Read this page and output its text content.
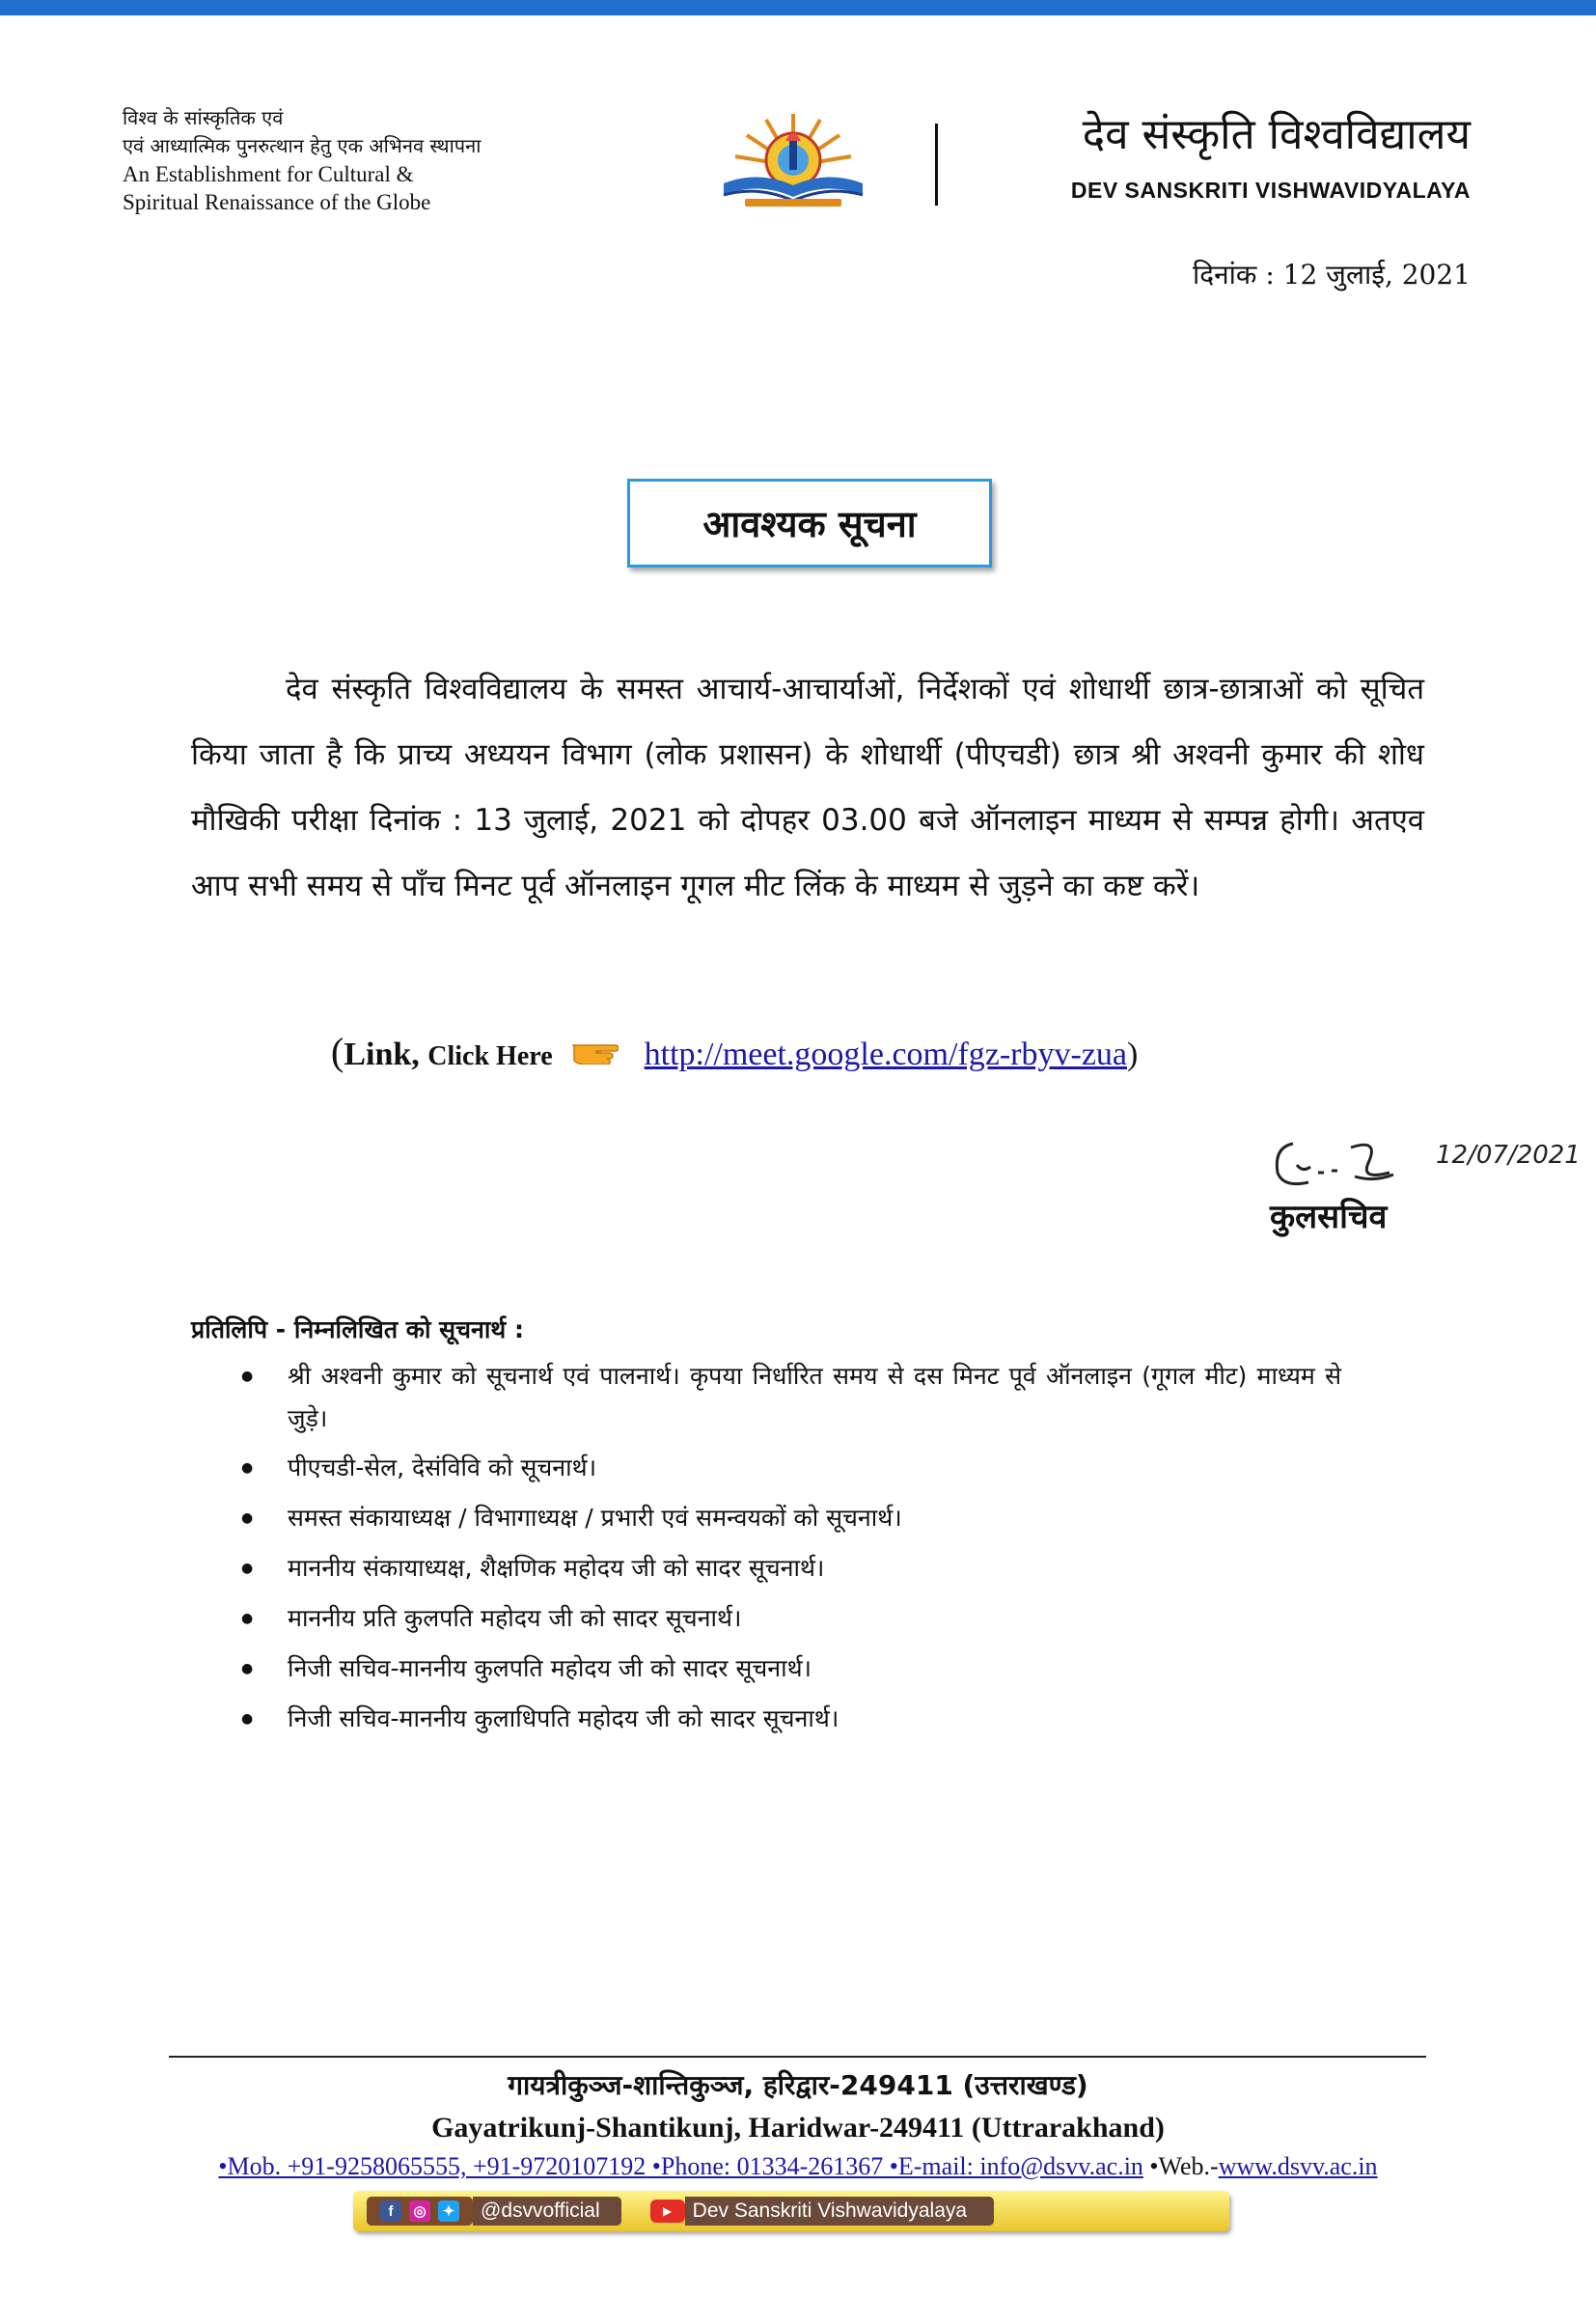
विश्व के सांस्कृतिक एवं
एवं आध्यात्मिक पुनरुत्थान हेतु एक अभिनव स्थापना
An Establishment for Cultural &
Spiritual Renaissance of the Globe
देव संस्कृति विश्वविद्यालय
DEV SANSKRITI VISHWAVIDYALAYA
दिनांक : 12 जुलाई, 2021
आवश्यक सूचना
देव संस्कृति विश्वविद्यालय के समस्त आचार्य-आचार्याओं, निर्देशकों एवं शोधार्थी छात्र-छात्राओं को सूचित किया जाता है कि प्राच्य अध्ययन विभाग (लोक प्रशासन) के शोधार्थी (पीएचडी) छात्र श्री अश्वनी कुमार की शोध मौखिकी परीक्षा दिनांक : 13 जुलाई, 2021 को दोपहर 03.00 बजे ऑनलाइन माध्यम से सम्पन्न होगी। अतएव आप सभी समय से पाँच मिनट पूर्व ऑनलाइन गूगल मीट लिंक के माध्यम से जुड़ने का कष्ट करें।
(Link, Click Here	http://meet.google.com/fgz-rbyv-zua)
12/07/2021
कुलसचिव
प्रतिलिपि - निम्नलिखित को सूचनार्थ :
● श्री अश्वनी कुमार को सूचनार्थ एवं पालनार्थ। कृपया निर्धारित समय से दस मिनट पूर्व ऑनलाइन (गूगल मीट) माध्यम से जुड़े।
● पीएचडी-सेल, देसंविवि को सूचनार्थ।
● समस्त संकायाध्यक्ष / विभागाध्यक्ष / प्रभारी एवं समन्वयकों को सूचनार्थ।
● माननीय संकायाध्यक्ष, शैक्षणिक महोदय जी को सादर सूचनार्थ।
● माननीय प्रति कुलपति महोदय जी को सादर सूचनार्थ।
● निजी सचिव-माननीय कुलपति महोदय जी को सादर सूचनार्थ।
● निजी सचिव-माननीय कुलाधिपति महोदय जी को सादर सूचनार्थ।
गायत्रीकुञ्ज-शान्तिकुञ्ज, हरिद्वार-249411 (उत्तराखण्ड)
Gayatrikunj-Shantikunj, Haridwar-249411 (Uttrarakhand)
•Mob. +91-9258065555, +91-9720107192 •Phone: 01334-261367 •E-mail: info@dsvv.ac.in •Web.-www.dsvv.ac.in
f	◎	✦	@dsvvofficial	▶	Dev Sanskriti Vishwavidyalaya
